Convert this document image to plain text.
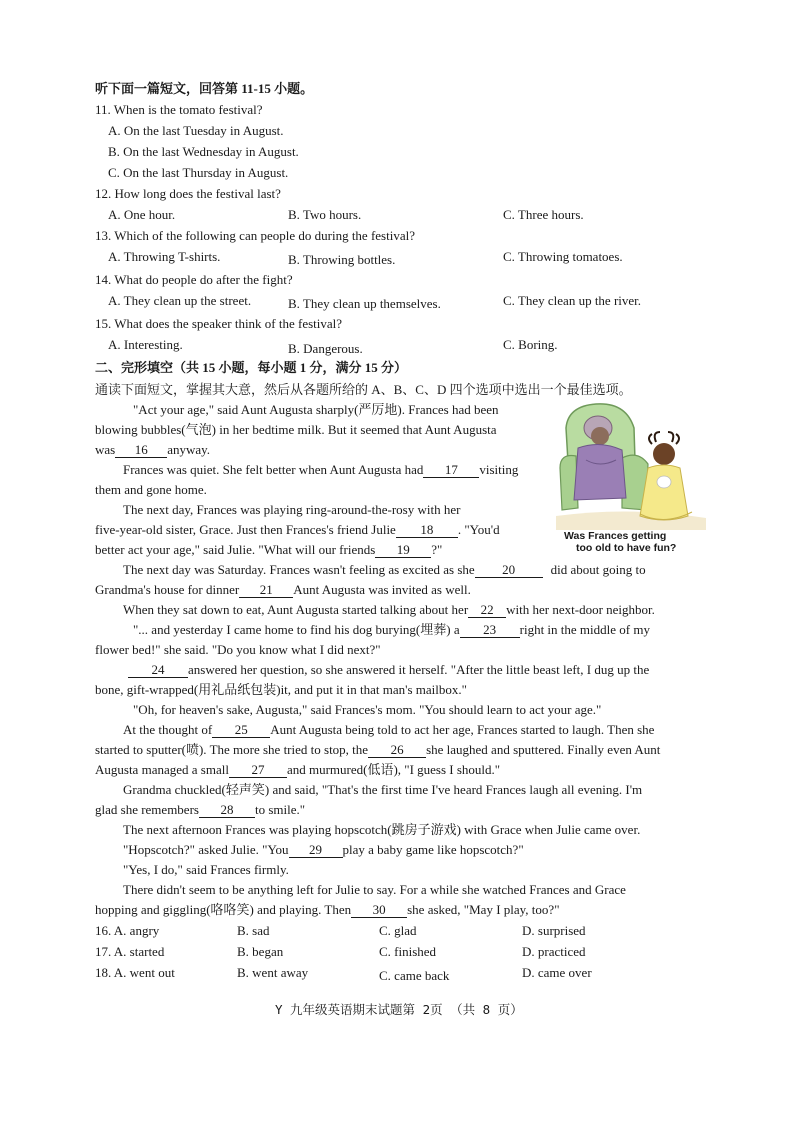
听下面一篇短文，回答第 11-15 小题。
11. When is the tomato festival?
A. On the last Tuesday in August.
B. On the last Wednesday in August.
C. On the last Thursday in August.
12. How long does the festival last?
A. One hour.	B. Two hours.	C. Three hours.
13. Which of the following can people do during the festival?
A. Throwing T-shirts.	B. Throwing bottles.	C. Throwing tomatoes.
14. What do people do after the fight?
A. They clean up the street.	B. They clean up themselves.	C. They clean up the river.
15. What does the speaker think of the festival?
A. Interesting.	B. Dangerous.	C. Boring.
二、完形填空（共 15 小题，每小题 1 分，满分 15 分）
通读下面短文，掌握其大意，然后从各题所给的 A、B、C、D 四个选项中选出一个最佳选项。
Was Frances getting
too old to have fun?
"Act your age," said Aunt Augusta sharply(严厉地). Frances had been
blowing bubbles(气泡) in her bedtime milk. But it seemed that Aunt Augusta
was 16 anyway.
Frances was quiet. She felt better when Aunt Augusta had 17 visiting
them and gone home.
The next day, Frances was playing ring-around-the-rosy with her
five-year-old sister, Grace. Just then Frances's friend Julie 18 . "You'd
better act your age," said Julie. "What will our friends 19 ?"
The next day was Saturday. Frances wasn't feeling as excited as she 20	did about going to
Grandma's house for dinner 21 Aunt Augusta was invited as well.
When they sat down to eat, Aunt Augusta started talking about her 22 with her next-door neighbor.
"... and yesterday I came home to find his dog burying(埋葬) a 23 right in the middle of my
flower bed!" she said. "Do you know what I did next?"
24 answered her question, so she answered it herself. "After the little beast left, I dug up the
bone, gift-wrapped(用礼品纸包装)it, and put it in that man's mailbox."
"Oh, for heaven's sake, Augusta," said Frances's mom. "You should learn to act your age."
At the thought of 25 Aunt Augusta being told to act her age, Frances started to laugh. Then she
started to sputter(喷). The more she tried to stop, the 26 she laughed and sputtered. Finally even Aunt
Augusta managed a small 27 and murmured(低语), "I guess I should."
Grandma chuckled(轻声笑) and said, "That's the first time I've heard Frances laugh all evening. I'm
glad she remembers 28 to smile."
The next afternoon Frances was playing hopscotch(跳房子游戏) with Grace when Julie came over.
"Hopscotch?" asked Julie. "You 29 play a baby game like hopscotch?"
"Yes, I do," said Frances firmly.
There didn't seem to be anything left for Julie to say. For a while she watched Frances and Grace
hopping and giggling(咯咯笑) and playing. Then 30 she asked, "May I play, too?"
16. A. angry	B. sad	C. glad	D. surprised
17. A. started	B. began	C. finished	D. practiced
18. A. went out	B. went away	C. came back	D. came over
Y 九年级英语期末试题第 2页 （共 8 页）
